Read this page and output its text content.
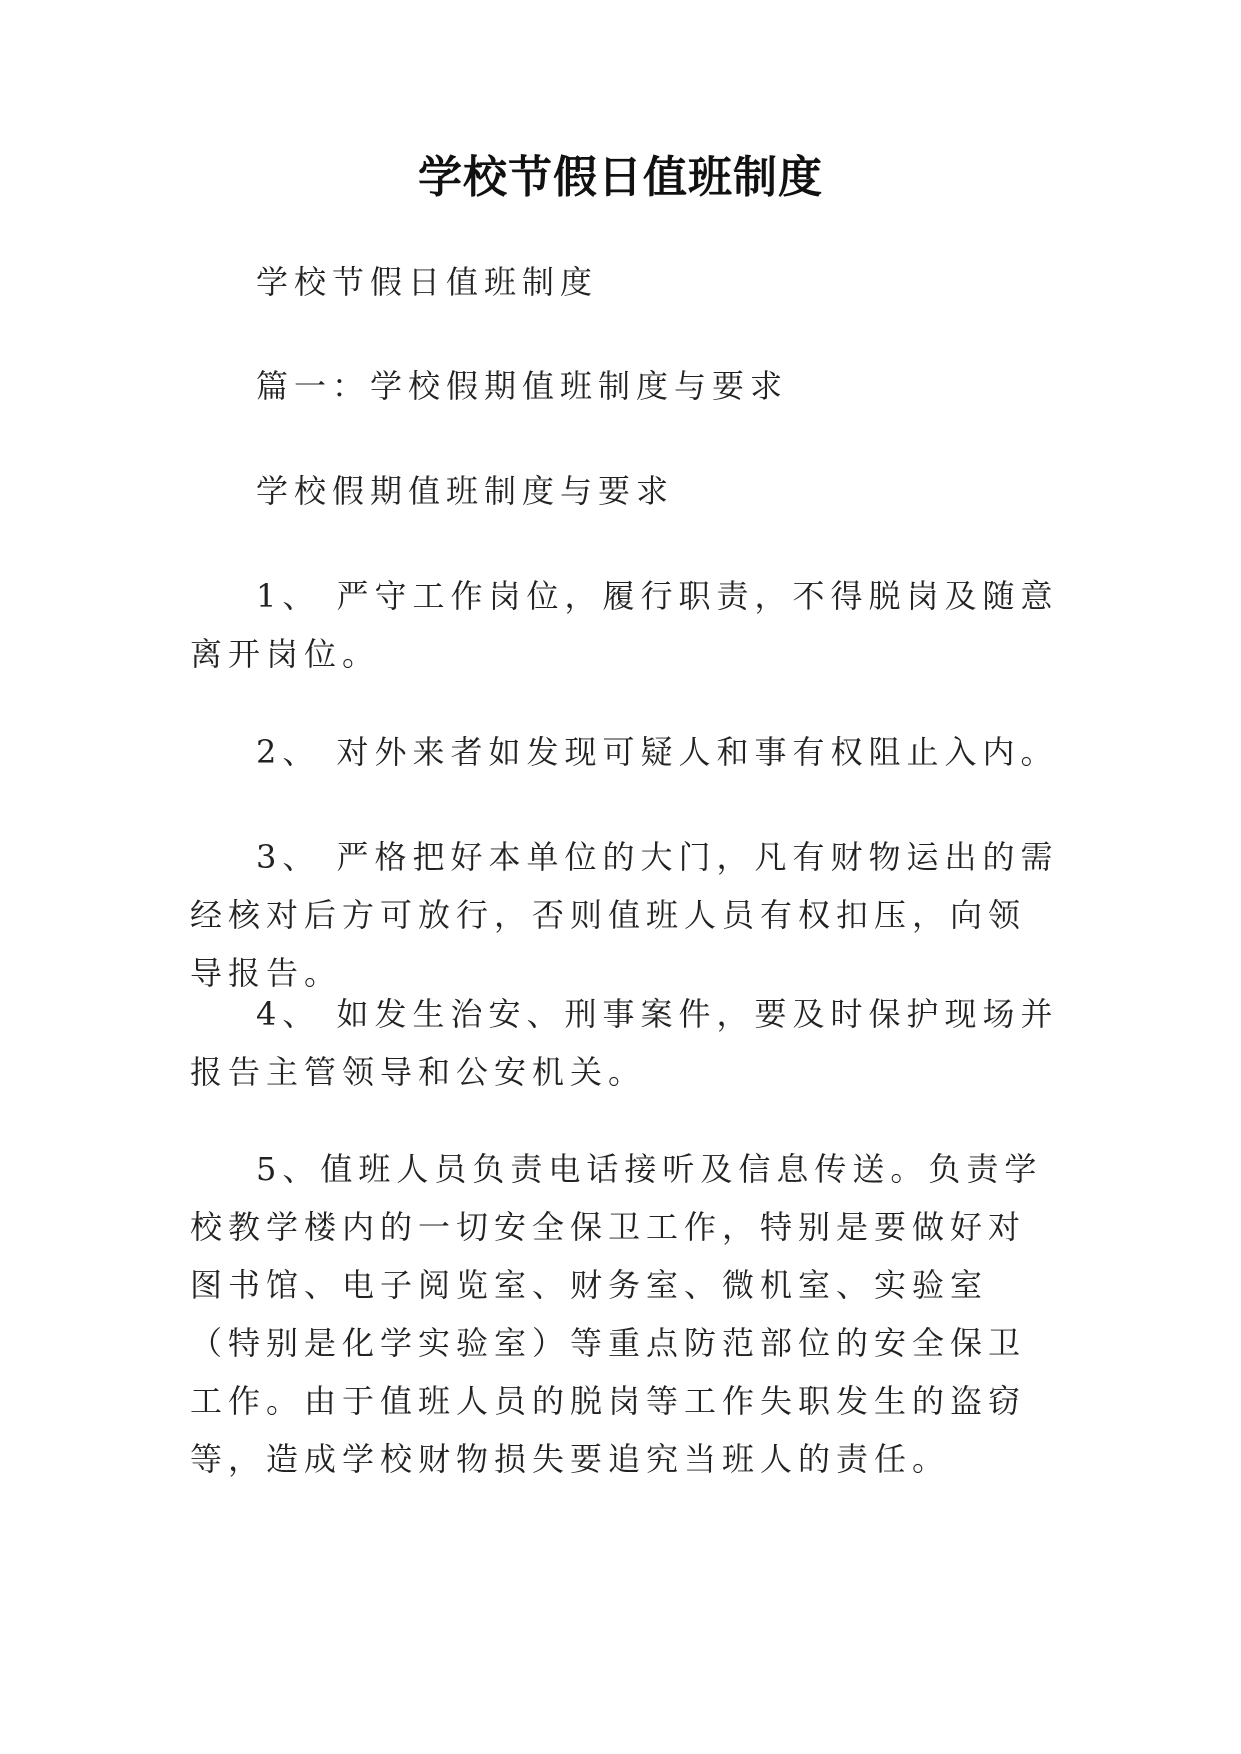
学校节假日值班制度

学校节假日值班制度

篇一：学校假期值班制度与要求

学校假期值班制度与要求

1、 严守工作岗位，履行职责，不得脱岗及随意离开岗位。

2、 对外来者如发现可疑人和事有权阻止入内。

3、 严格把好本单位的大门，凡有财物运出的需经核对后方可放行，否则值班人员有权扣压，向领导报告。

4、 如发生治安、刑事案件，要及时保护现场并报告主管领导和公安机关。

5、值班人员负责电话接听及信息传送。负责学校教学楼内的一切安全保卫工作，特别是要做好对图书馆、电子阅览室、财务室、微机室、实验室（特别是化学实验室）等重点防范部位的安全保卫工作。由于值班人员的脱岗等工作失职发生的盗窃等，造成学校财物损失要追究当班人的责任。
